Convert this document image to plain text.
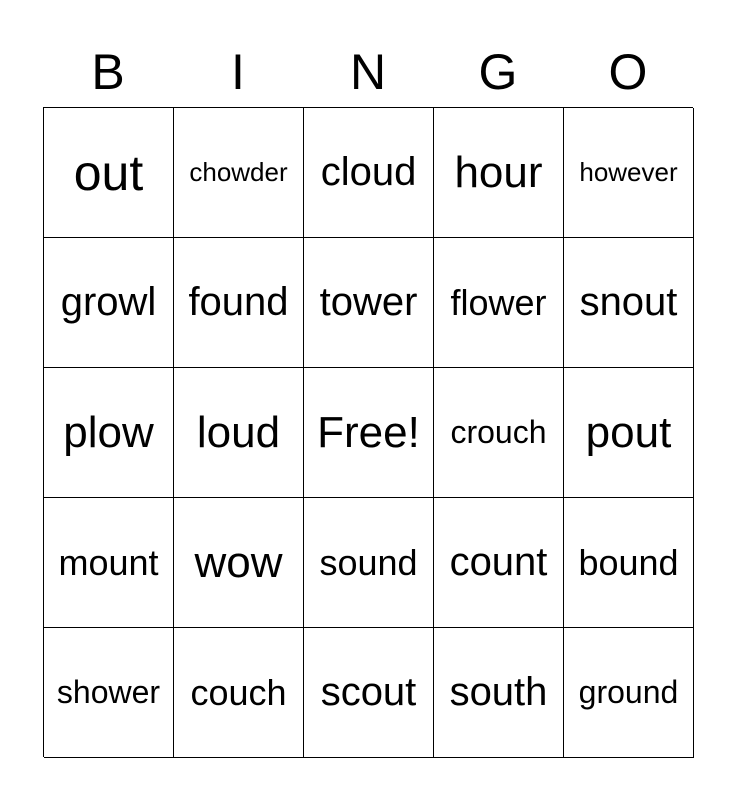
B	I	N	G	O
out	chowder cloud hour	however
growl found tower flower snout
plow loud Free! crouch pout
mount wow	sound count bound
shower couch scout south ground
